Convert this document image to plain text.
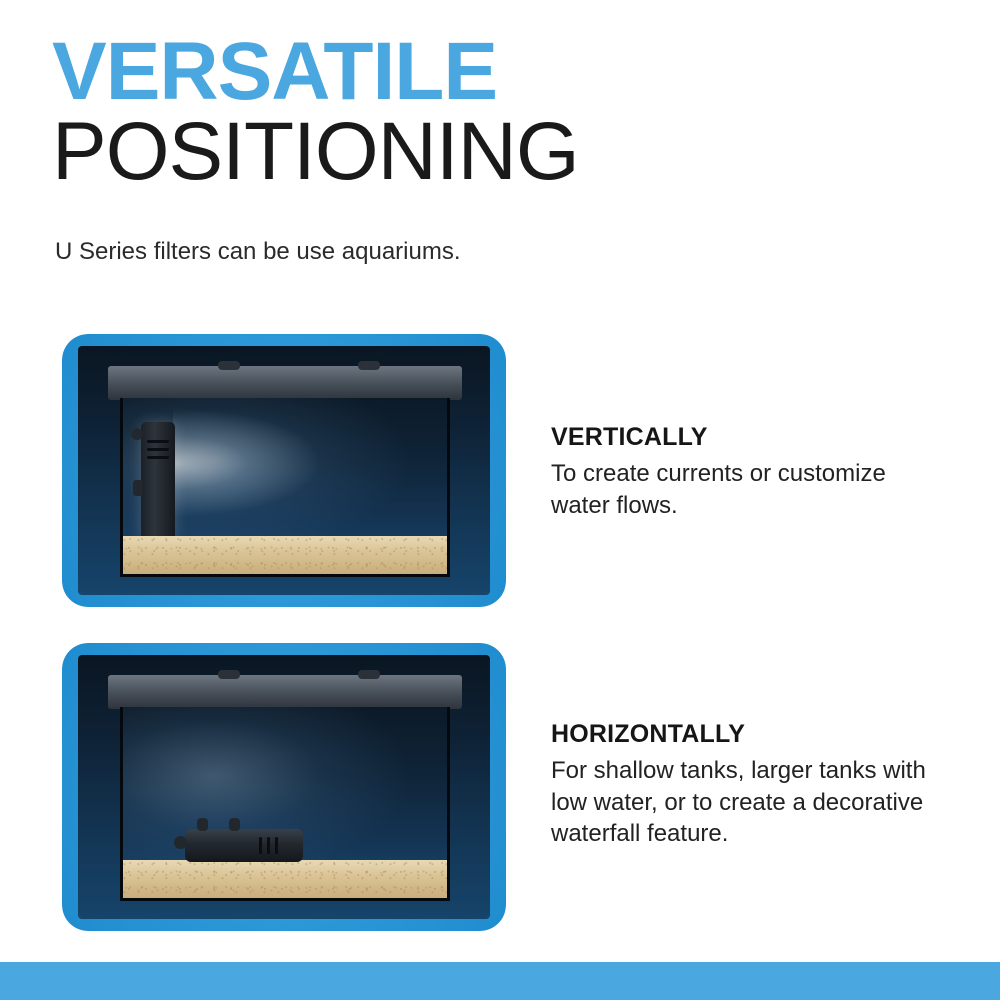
VERSATILE
POSITIONING
U Series filters can be use aquariums.
VERTICALLY

To create currents or customize water flows.

HORIZONTALLY

For shallow tanks, larger tanks with low water, or to create a decorative waterfall feature.
